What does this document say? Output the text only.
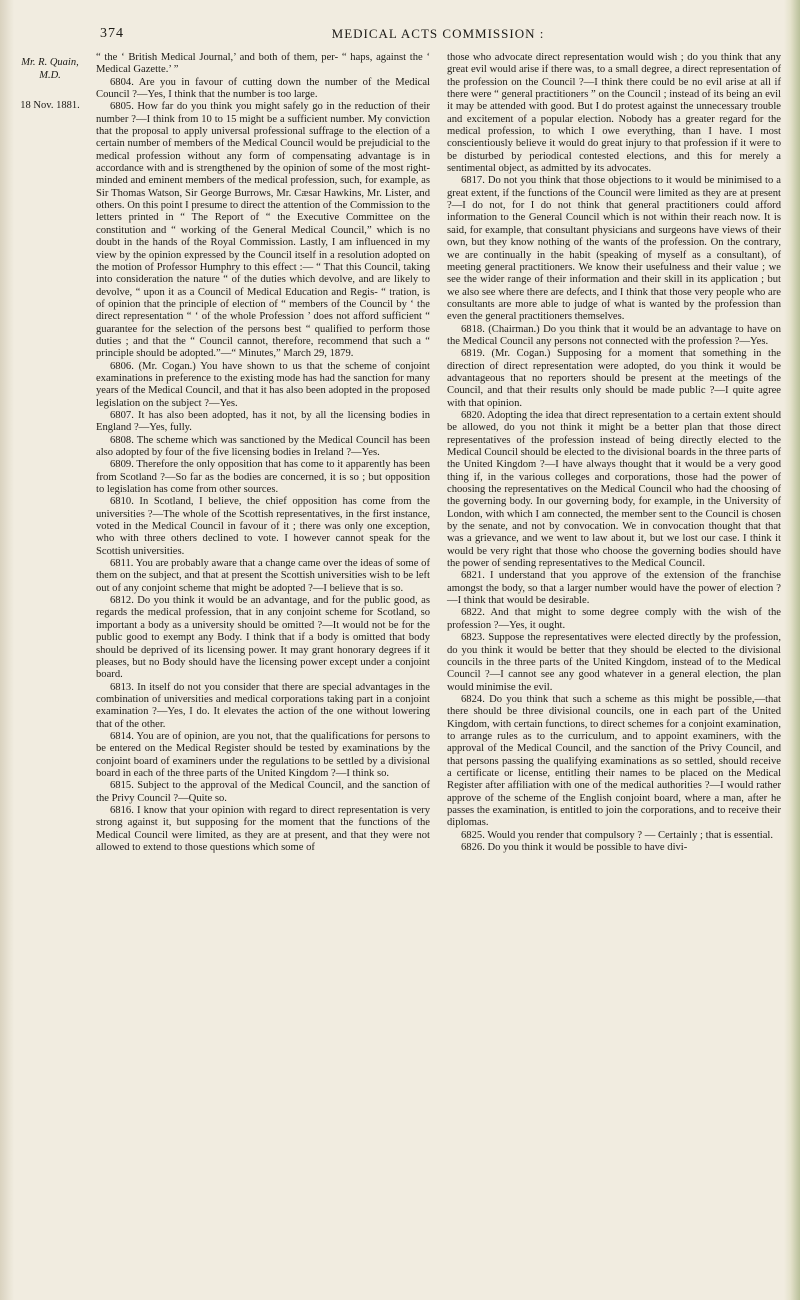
374	MEDICAL ACTS COMMISSION :
Mr. R. Quain, M.D.
18 Nov. 1881.

“ the ‘ British Medical Journal,’ and both of them, per- “ haps, against the ‘ Medical Gazette.’ ”

6804. Are you in favour of cutting down the number of the Medical Council ?—Yes, I think that the number is too large.

6805. How far do you think you might safely go in the reduction of their number ?—I think from 10 to 15 might be a sufficient number. My conviction that the proposal to apply universal professional suffrage to the election of a certain number of members of the Medical Council would be prejudicial to the medical profession without any form of compensating advantage is in accordance with and is strengthened by the opinion of some of the most right-minded and eminent members of the medical profession, such, for example, as Sir Thomas Watson, Sir George Burrows, Mr. Cæsar Hawkins, Mr. Lister, and others. On this point I presume to direct the attention of the Commission to the letters printed in “ The Report of “ the Executive Committee on the constitution and “ working of the General Medical Council,” which is no doubt in the hands of the Royal Commission. Lastly, I am influenced in my view by the opinion expressed by the Council itself in a resolution adopted on the motion of Professor Humphry to this effect :— “ That this Council, taking into consideration the nature “ of the duties which devolve, and are likely to devolve, “ upon it as a Council of Medical Education and Regis- “ tration, is of opinion that the principle of election of “ members of the Council by ‘ the direct representation “ ‘ of the whole Profession ’ does not afford sufficient “ guarantee for the selection of the persons best “ qualified to perform those duties ; and that the “ Council cannot, therefore, recommend that such a “ principle should be adopted.”—“ Minutes,” March 29, 1879.

6806. (Mr. Cogan.) You have shown to us that the scheme of conjoint examinations in preference to the existing mode has had the sanction for many years of the Medical Council, and that it has also been adopted in the proposed legislation on the subject ?—Yes.

6807. It has also been adopted, has it not, by all the licensing bodies in England ?—Yes, fully.

6808. The scheme which was sanctioned by the Medical Council has been also adopted by four of the five licensing bodies in Ireland ?—Yes.

6809. Therefore the only opposition that has come to it apparently has been from Scotland ?—So far as the bodies are concerned, it is so ; but opposition to legislation has come from other sources.

6810. In Scotland, I believe, the chief opposition has come from the universities ?—The whole of the Scottish representatives, in the first instance, voted in the Medical Council in favour of it ; there was only one exception, who with three others declined to vote. I however cannot speak for the Scottish universities.

6811. You are probably aware that a change came over the ideas of some of them on the subject, and that at present the Scottish universities wish to be left out of any conjoint scheme that might be adopted ?—I believe that is so.

6812. Do you think it would be an advantage, and for the public good, as regards the medical profession, that in any conjoint scheme for Scotland, so important a body as a university should be omitted ?—It would not be for the public good to exempt any Body. I think that if a body is omitted that body should be deprived of its licensing power. It may grant honorary degrees if it pleases, but no Body should have the licensing power except under a conjoint board.

6813. In itself do not you consider that there are special advantages in the combination of universities and medical corporations taking part in a conjoint examination ?—Yes, I do. It elevates the action of the one without lowering that of the other.

6814. You are of opinion, are you not, that the qualifications for persons to be entered on the Medical Register should be tested by examinations by the conjoint board of examiners under the regulations to be settled by a divisional board in each of the three parts of the United Kingdom ?—I think so.

6815. Subject to the approval of the Medical Council, and the sanction of the Privy Council ?—Quite so.

6816. I know that your opinion with regard to direct representation is very strong against it, but supposing for the moment that the functions of the Medical Council were limited, as they are at present, and that they were not allowed to extend to those questions which some of

those who advocate direct representation would wish ; do you think that any great evil would arise if there was, to a small degree, a direct representation of the profession on the Council ?—I think there could be no evil arise at all if there were “ general practitioners ” on the Council ; instead of its being an evil it may be attended with good. But I do protest against the unnecessary trouble and excitement of a popular election. Nobody has a greater regard for the medical profession, to which I owe everything, than I have. I most conscientiously believe it would do great injury to that profession if it were to be disturbed by periodical contested elections, and this for merely a sentimental object, as admitted by its advocates.

6817. Do not you think that those objections to it would be minimised to a great extent, if the functions of the Council were limited as they are at present ?—I do not, for I do not think that general practitioners could afford information to the General Council which is not within their reach now. It is said, for example, that consultant physicians and surgeons have views of their own, but they know nothing of the wants of the profession. On the contrary, we are continually in the habit (speaking of myself as a consultant), of meeting general practitioners. We know their usefulness and their value ; we see the wider range of their information and their skill in its application ; but we also see where there are defects, and I think that those very people who are consultants are more able to judge of what is wanted by the profession than even the general practitioners themselves.

6818. (Chairman.) Do you think that it would be an advantage to have on the Medical Council any persons not connected with the profession ?—Yes.

6819. (Mr. Cogan.) Supposing for a moment that something in the direction of direct representation were adopted, do you think it would be advantageous that no reporters should be present at the meetings of the Council, and that their results only should be made public ?—I quite agree with that opinion.

6820. Adopting the idea that direct representation to a certain extent should be allowed, do you not think it might be a better plan that those direct representatives of the profession instead of being directly elected to the Medical Council should be elected to the divisional boards in the three parts of the United Kingdom ?—I have always thought that it would be a very good thing if, in the various colleges and corporations, those had the power of choosing the representatives on the Medical Council who had the choosing of the governing body. In our governing body, for example, in the University of London, with which I am connected, the member sent to the Council is chosen by the senate, and not by convocation. We in convocation thought that that was a grievance, and we went to law about it, but we lost our case. I think it would be very right that those who choose the governing bodies should have the power of sending representatives to the Medical Council.

6821. I understand that you approve of the extension of the franchise amongst the body, so that a larger number would have the power of election ?—I think that would be desirable.

6822. And that might to some degree comply with the wish of the profession ?—Yes, it ought.

6823. Suppose the representatives were elected directly by the profession, do you think it would be better that they should be elected to the divisional councils in the three parts of the United Kingdom, instead of to the Medical Council ?—I cannot see any good whatever in a general election, the plan would minimise the evil.

6824. Do you think that such a scheme as this might be possible,—that there should be three divisional councils, one in each part of the United Kingdom, with certain functions, to direct schemes for a conjoint examination, to arrange rules as to the curriculum, and to appoint examiners, with the approval of the Medical Council, and the sanction of the Privy Council, and that persons passing the qualifying examinations as so settled, should receive a certificate or license, entitling their names to be placed on the Medical Register after affiliation with one of the medical authorities ?—I would rather approve of the scheme of the English conjoint board, where a man, after he passes the examination, is entitled to join the corporations, and to receive their diplomas.

6825. Would you render that compulsory ? — Certainly ; that is essential.

6826. Do you think it would be possible to have divi-
